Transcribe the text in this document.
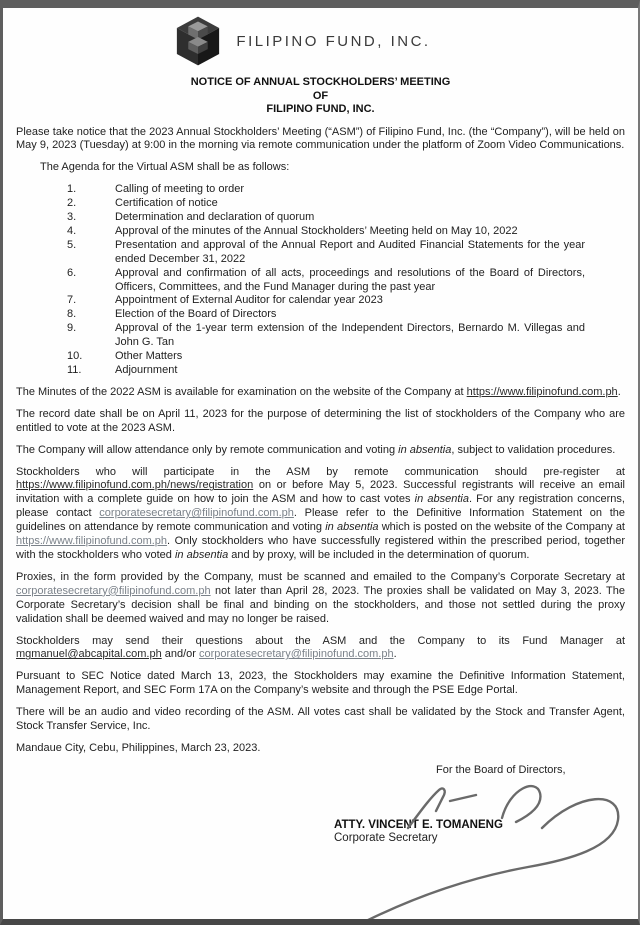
FILIPINO FUND, INC.
NOTICE OF ANNUAL STOCKHOLDERS’ MEETING
OF
FILIPINO FUND, INC.

Please take notice that the 2023 Annual Stockholders’ Meeting (“ASM”) of Filipino Fund, Inc. (the “Company”), will be held on May 9, 2023 (Tuesday) at 9:00 in the morning via remote communication under the platform of Zoom Video Communications.

The Agenda for the Virtual ASM shall be as follows:

1.	Calling of meeting to order
2.	Certification of notice
3.	Determination and declaration of quorum
4.	Approval of the minutes of the Annual Stockholders’ Meeting held on May 10, 2022
5.	Presentation and approval of the Annual Report and Audited Financial Statements for the year ended December 31, 2022
6.	Approval and confirmation of all acts, proceedings and resolutions of the Board of Directors, Officers, Committees, and the Fund Manager during the past year
7.	Appointment of External Auditor for calendar year 2023
8.	Election of the Board of Directors
9.	Approval of the 1-year term extension of the Independent Directors, Bernardo M. Villegas and John G. Tan
10.	Other Matters
11.	Adjournment

The Minutes of the 2022 ASM is available for examination on the website of the Company at https://www.filipinofund.com.ph.

The record date shall be on April 11, 2023 for the purpose of determining the list of stockholders of the Company who are entitled to vote at the 2023 ASM.

The Company will allow attendance only by remote communication and voting in absentia, subject to validation procedures.

Stockholders who will participate in the ASM by remote communication should pre-register at https://www.filipinofund.com.ph/news/registration on or before May 5, 2023. Successful registrants will receive an email invitation with a complete guide on how to join the ASM and how to cast votes in absentia. For any registration concerns, please contact corporatesecretary@filipinofund.com.ph. Please refer to the Definitive Information Statement on the guidelines on attendance by remote communication and voting in absentia which is posted on the website of the Company at https://www.filipinofund.com.ph. Only stockholders who have successfully registered within the prescribed period, together with the stockholders who voted in absentia and by proxy, will be included in the determination of quorum.

Proxies, in the form provided by the Company, must be scanned and emailed to the Company’s Corporate Secretary at corporatesecretary@filipinofund.com.ph not later than April 28, 2023. The proxies shall be validated on May 3, 2023. The Corporate Secretary’s decision shall be final and binding on the stockholders, and those not settled during the proxy validation shall be deemed waived and may no longer be raised.

Stockholders may send their questions about the ASM and the Company to its Fund Manager at mgmanuel@abcapital.com.ph and/or corporatesecretary@filipinofund.com.ph.

Pursuant to SEC Notice dated March 13, 2023, the Stockholders may examine the Definitive Information Statement, Management Report, and SEC Form 17A on the Company’s website and through the PSE Edge Portal.

There will be an audio and video recording of the ASM. All votes cast shall be validated by the Stock and Transfer Agent, Stock Transfer Service, Inc.

Mandaue City, Cebu, Philippines, March 23, 2023.

For the Board of Directors,
ATTY. VINCENT E. TOMANENG
Corporate Secretary
